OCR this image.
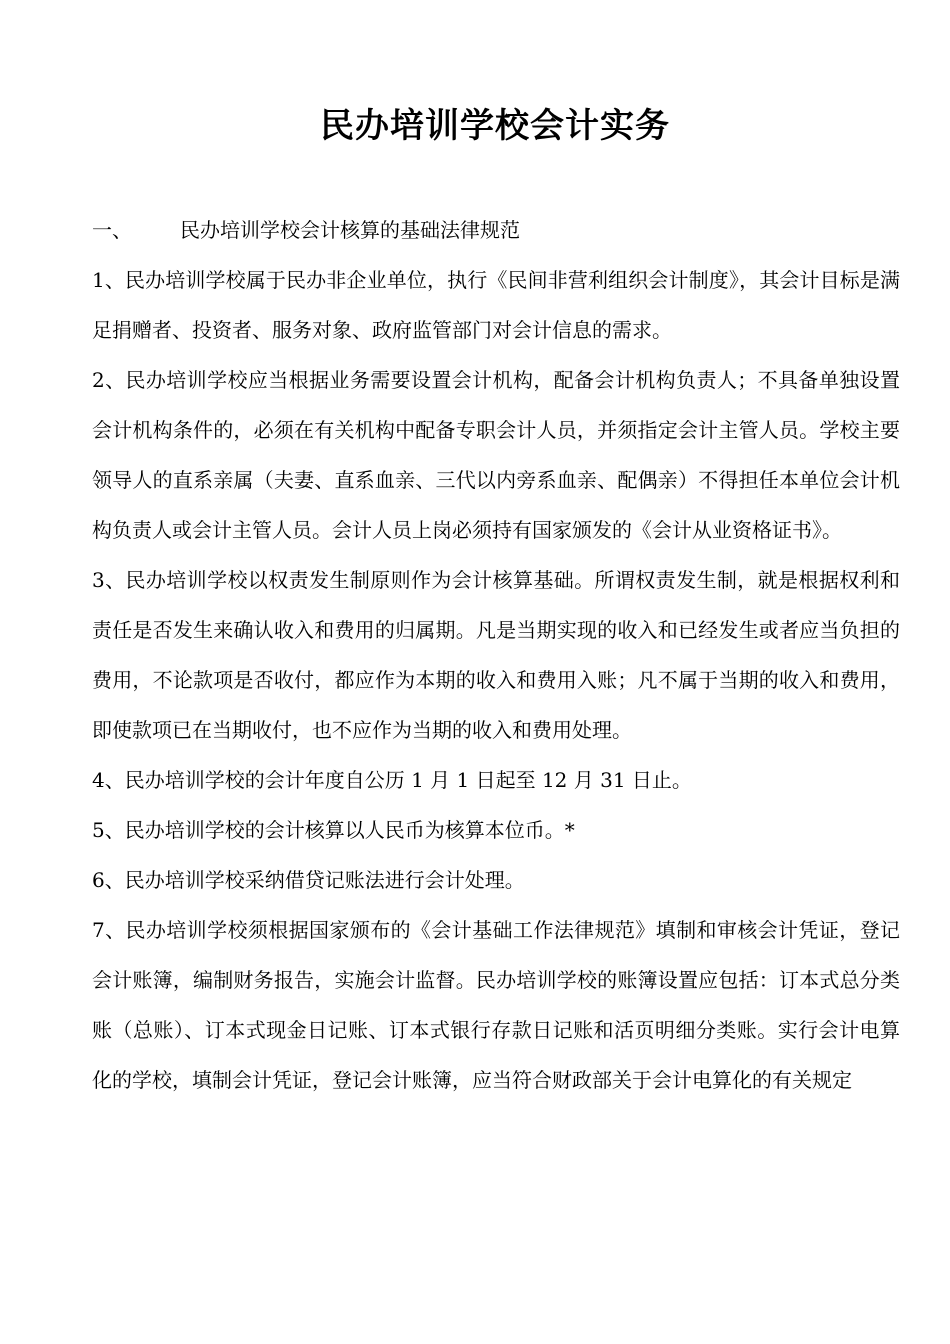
民办培训学校会计实务

一、 民办培训学校会计核算的基础法律规范

1、民办培训学校属于民办非企业单位，执行《民间非营利组织会计制度》，其会计目标是满足捐赠者、投资者、服务对象、政府监管部门对会计信息的需求。

2、民办培训学校应当根据业务需要设置会计机构，配备会计机构负责人；不具备单独设置会计机构条件的，必须在有关机构中配备专职会计人员，并须指定会计主管人员。学校主要领导人的直系亲属（夫妻、直系血亲、三代以内旁系血亲、配偶亲）不得担任本单位会计机构负责人或会计主管人员。会计人员上岗必须持有国家颁发的《会计从业资格证书》。

3、民办培训学校以权责发生制原则作为会计核算基础。所谓权责发生制，就是根据权利和责任是否发生来确认收入和费用的归属期。凡是当期实现的收入和已经发生或者应当负担的费用，不论款项是否收付，都应作为本期的收入和费用入账；凡不属于当期的收入和费用，即使款项已在当期收付，也不应作为当期的收入和费用处理。

4、民办培训学校的会计年度自公历 1 月 1 日起至 12 月 31 日止。

5、民办培训学校的会计核算以人民币为核算本位币。*

6、民办培训学校采纳借贷记账法进行会计处理。

7、民办培训学校须根据国家颁布的《会计基础工作法律规范》填制和审核会计凭证，登记会计账簿，编制财务报告，实施会计监督。民办培训学校的账簿设置应包括：订本式总分类账（总账）、订本式现金日记账、订本式银行存款日记账和活页明细分类账。实行会计电算化的学校，填制会计凭证，登记会计账簿，应当符合财政部关于会计电算化的有关规定
